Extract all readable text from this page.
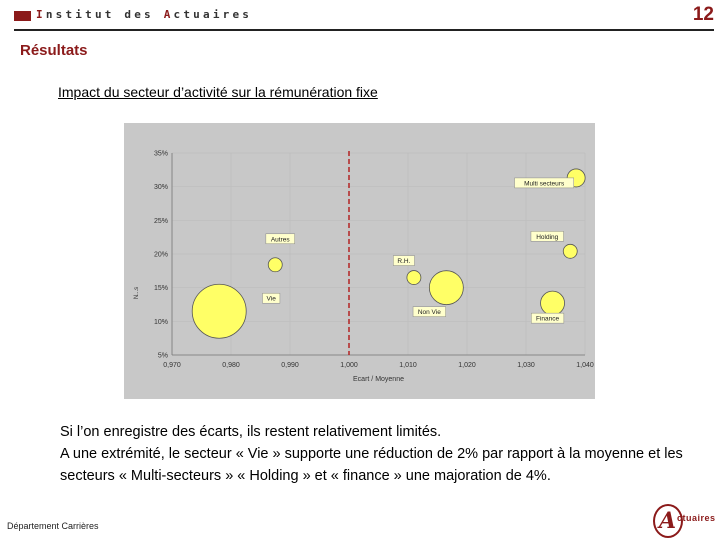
Institut des Actuaires	12
Résultats
Impact du secteur d’activité sur la rémunération fixe
0,970	0,980	0,990	1,000	1,010	1,020	1,030	1,040
35%
30%
25%
20%
15%
10%
5%
Ecart / Moyenne
N...s
Vie
Autres
R.H.
Non Vie
Multi secteurs
Holding
Finance

Si l’on enregistre des écarts, ils restent relativement limités.

A une extrémité, le secteur « Vie » supporte une réduction de 2% par rapport à la moyenne et les secteurs « Multi-secteurs » « Holding » et « finance » une majoration de 4%.

Département Carrières	A ctuaires
